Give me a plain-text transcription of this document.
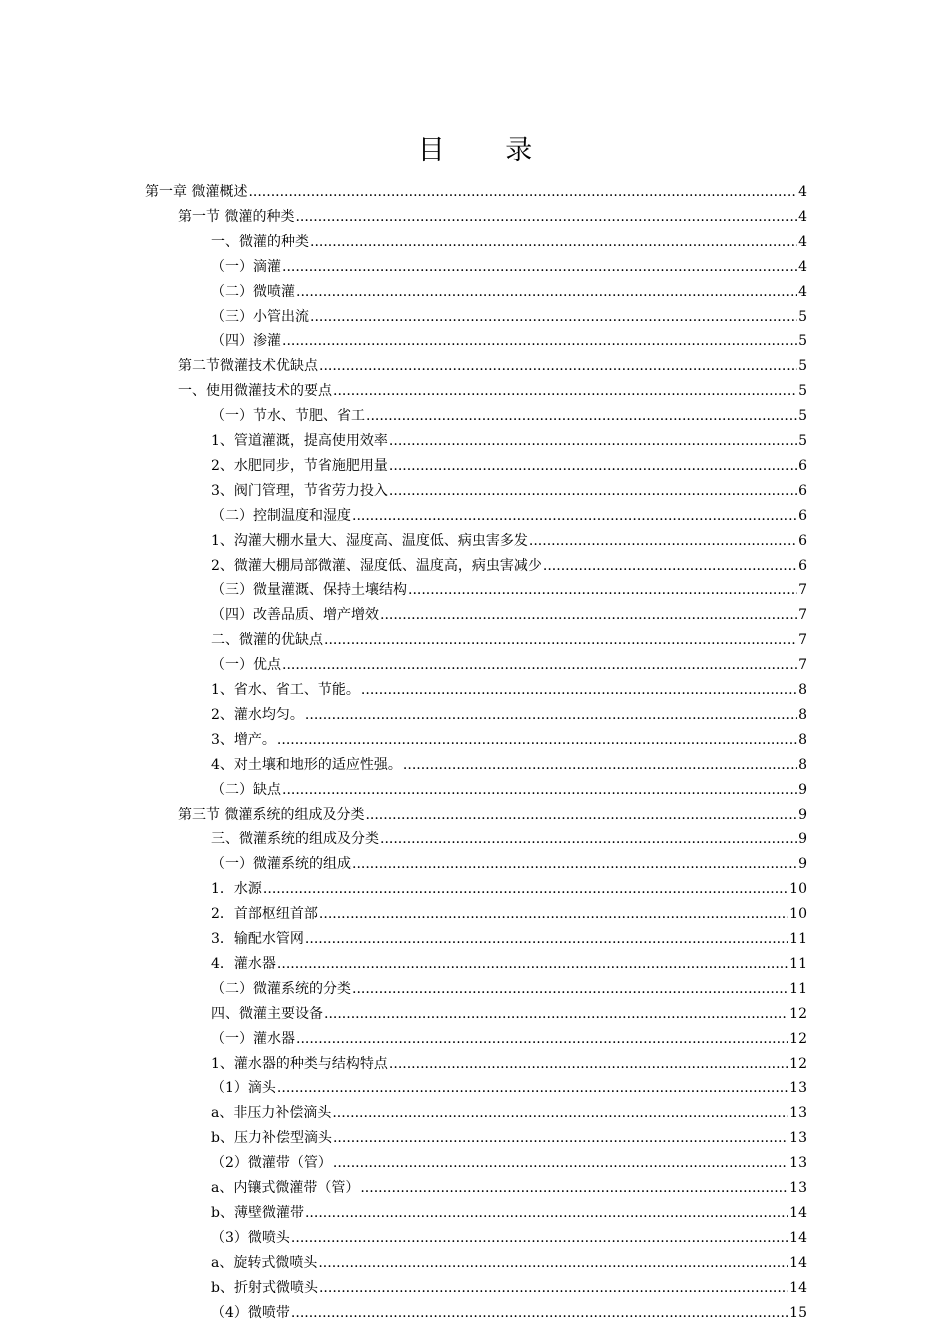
目 录
第一章 微灌概述 .....	4
第一节 微灌的种类 .....	4
一、微灌的种类 .....	4
（一）滴灌 .....	4
（二）微喷灌 .....	4
（三）小管出流 .....	5
（四）渗灌 .....	5
第二节微灌技术优缺点 .....	5
一、使用微灌技术的要点 .....	5
（一）节水、节肥、省工 .....	5
1、管道灌溉，提高使用效率 .....	5
2、水肥同步，节省施肥用量 .....	6
3、阀门管理，节省劳力投入 .....	6
（二）控制温度和湿度 .....	6
1、沟灌大棚水量大、湿度高、温度低、病虫害多发 .....	6
2、微灌大棚局部微灌、湿度低、温度高，病虫害减少 .....	6
（三）微量灌溉、保持土壤结构 .....	7
（四）改善品质、增产增效 .....	7
二、微灌的优缺点 .....	7
（一）优点 .....	7
1、省水、省工、节能。 .....	8
2、灌水均匀。 .....	8
3、增产。 .....	8
4、对土壤和地形的适应性强。 .....	8
（二）缺点 .....	9
第三节 微灌系统的组成及分类 .....	9
三、微灌系统的组成及分类 .....	9
（一）微灌系统的组成 .....	9
1．水源 .....	10
2．首部枢纽首部 .....	10
3．输配水管网 .....	11
4．灌水器 .....	11
（二）微灌系统的分类 .....	11
四、微灌主要设备 .....	12
（一）灌水器 .....	12
1、灌水器的种类与结构特点 .....	12
（1）滴头 .....	13
a、非压力补偿滴头 .....	13
b、压力补偿型滴头 .....	13
（2）微灌带（管） .....	13
a、内镶式微灌带（管） .....	13
b、薄壁微灌带 .....	14
（3）微喷头 .....	14
a、旋转式微喷头 .....	14
b、折射式微喷头 .....	14
（4）微喷带 .....	15
